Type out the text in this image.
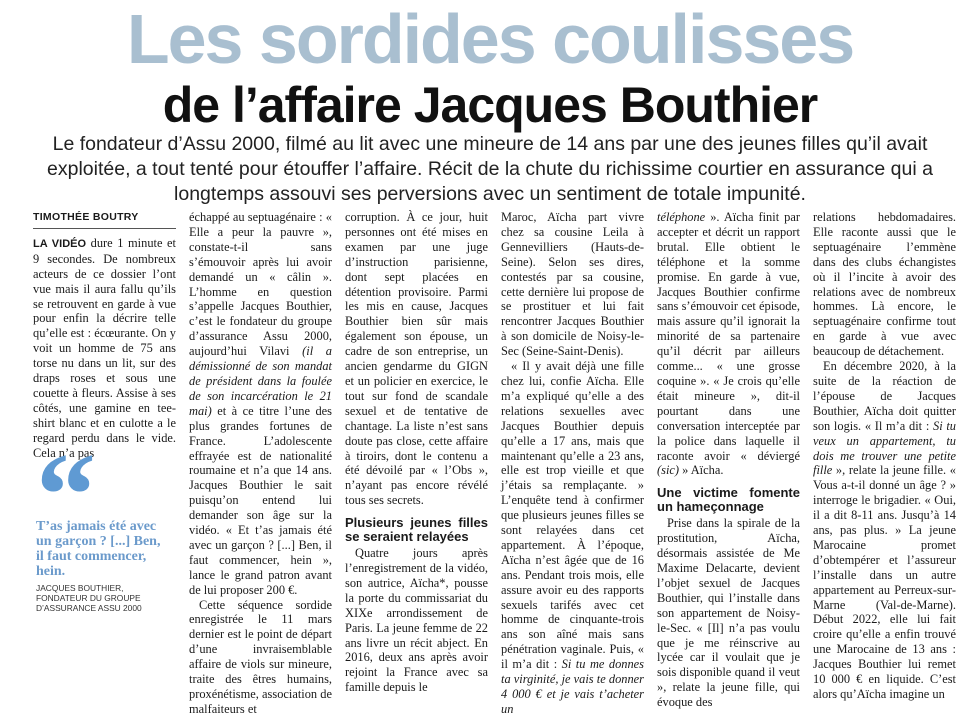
Les sordides coulisses
de l’affaire Jacques Bouthier

Le fondateur d’Assu 2000, filmé au lit avec une mineure de 14 ans par une des jeunes filles qu’il avait exploitée, a tout tenté pour étouffer l’affaire. Récit de la chute du richissime courtier en assurance qui a longtemps assouvi ses perversions avec un sentiment de totale impunité.

TIMOTHÉE BOUTRY

LA VIDÉO dure 1 minute et 9 secondes. De nombreux acteurs de ce dossier l’ont vue mais il aura fallu qu’ils se retrouvent en garde à vue pour enfin la décrire telle qu’elle est : écœurante. On y voit un homme de 75 ans torse nu dans un lit, sur des draps roses et sous une couette à fleurs. Assise à ses côtés, une gamine en tee-shirt blanc et en culotte a le regard perdu dans le vide. Cela n’a pas

T’as jamais été avec un garçon ? [...] Ben, il faut commencer, hein.
JACQUES BOUTHIER, FONDATEUR DU GROUPE D’ASSURANCE ASSU 2000

échappé au septuagénaire : « Elle a peur la pauvre », constate-t-il sans s’émouvoir après lui avoir demandé un « câlin ». L’homme en question s’appelle Jacques Bouthier, c’est le fondateur du groupe d’assurance Assu 2000, aujourd’hui Vilavi (il a démissionné de son mandat de président dans la foulée de son incarcération le 21 mai) et à ce titre l’une des plus grandes fortunes de France. L’adolescente effrayée est de nationalité roumaine et n’a que 14 ans. Jacques Bouthier le sait puisqu’on entend lui demander son âge sur la vidéo. « Et t’as jamais été avec un garçon ? [...] Ben, il faut commencer, hein », lance le grand patron avant de lui proposer 200 €.

Cette séquence sordide enregistrée le 11 mars dernier est le point de départ d’une invraisemblable affaire de viols sur mineure, traite des êtres humains, proxénétisme, association de malfaiteurs et

corruption. À ce jour, huit personnes ont été mises en examen par une juge d’instruction parisienne, dont sept placées en détention provisoire. Parmi les mis en cause, Jacques Bouthier bien sûr mais également son épouse, un cadre de son entreprise, un ancien gendarme du GIGN et un policier en exercice, le tout sur fond de scandale sexuel et de tentative de chantage. La liste n’est sans doute pas close, cette affaire à tiroirs, dont le contenu a été dévoilé par « l’Obs », n’ayant pas encore révélé tous ses secrets.

Plusieurs jeunes filles se seraient relayées

Quatre jours après l’enregistrement de la vidéo, son autrice, Aïcha*, pousse la porte du commissariat du XIXe arrondissement de Paris. La jeune femme de 22 ans livre un récit abject. En 2016, deux ans après avoir rejoint la France avec sa famille depuis le

Maroc, Aïcha part vivre chez sa cousine Leila à Gennevilliers (Hauts-de-Seine). Selon ses dires, contestés par sa cousine, cette dernière lui propose de se prostituer et lui fait rencontrer Jacques Bouthier à son domicile de Noisy-le-Sec (Seine-Saint-Denis).

« Il y avait déjà une fille chez lui, confie Aïcha. Elle m’a expliqué qu’elle a des relations sexuelles avec Jacques Bouthier depuis qu’elle a 17 ans, mais que maintenant qu’elle a 23 ans, elle est trop vieille et que j’étais sa remplaçante. » L’enquête tend à confirmer que plusieurs jeunes filles se sont relayées dans cet appartement. À l’époque, Aïcha n’est âgée que de 16 ans. Pendant trois mois, elle assure avoir eu des rapports sexuels tarifés avec cet homme de cinquante-trois ans son aîné mais sans pénétration vaginale. Puis, « il m’a dit : Si tu me donnes ta virginité, je vais te donner 4 000 € et je vais t’acheter un

téléphone ». Aïcha finit par accepter et décrit un rapport brutal. Elle obtient le téléphone et la somme promise. En garde à vue, Jacques Bouthier confirme sans s’émouvoir cet épisode, mais assure qu’il ignorait la minorité de sa partenaire qu’il décrit par ailleurs comme... « une grosse coquine ». « Je crois qu’elle était mineure », dit-il pourtant dans une conversation interceptée par la police dans laquelle il raconte avoir « déviergé (sic) » Aïcha.

Une victime fomente un hameçonnage

Prise dans la spirale de la prostitution, Aïcha, désormais assistée de Me Maxime Delacarte, devient l’objet sexuel de Jacques Bouthier, qui l’installe dans son appartement de Noisy-le-Sec. « [Il] n’a pas voulu que je me réinscrive au lycée car il voulait que je sois disponible quand il veut », relate la jeune fille, qui évoque des

relations hebdomadaires. Elle raconte aussi que le septuagénaire l’emmène dans des clubs échangistes où il l’incite à avoir des relations avec de nombreux hommes. Là encore, le septuagénaire confirme tout en garde à vue avec beaucoup de détachement.

En décembre 2020, à la suite de la réaction de l’épouse de Jacques Bouthier, Aïcha doit quitter son logis. « Il m’a dit : Si tu veux un appartement, tu dois me trouver une petite fille », relate la jeune fille. « Vous a-t-il donné un âge ? » interroge le brigadier. « Oui, il a dit 8-11 ans. Jusqu’à 14 ans, pas plus. » La jeune Marocaine promet d’obtempérer et l’assureur l’installe dans un autre appartement au Perreux-sur-Marne (Val-de-Marne). Début 2022, elle lui fait croire qu’elle a enfin trouvé une Marocaine de 13 ans : Jacques Bouthier lui remet 10 000 € en liquide. C’est alors qu’Aïcha imagine un
